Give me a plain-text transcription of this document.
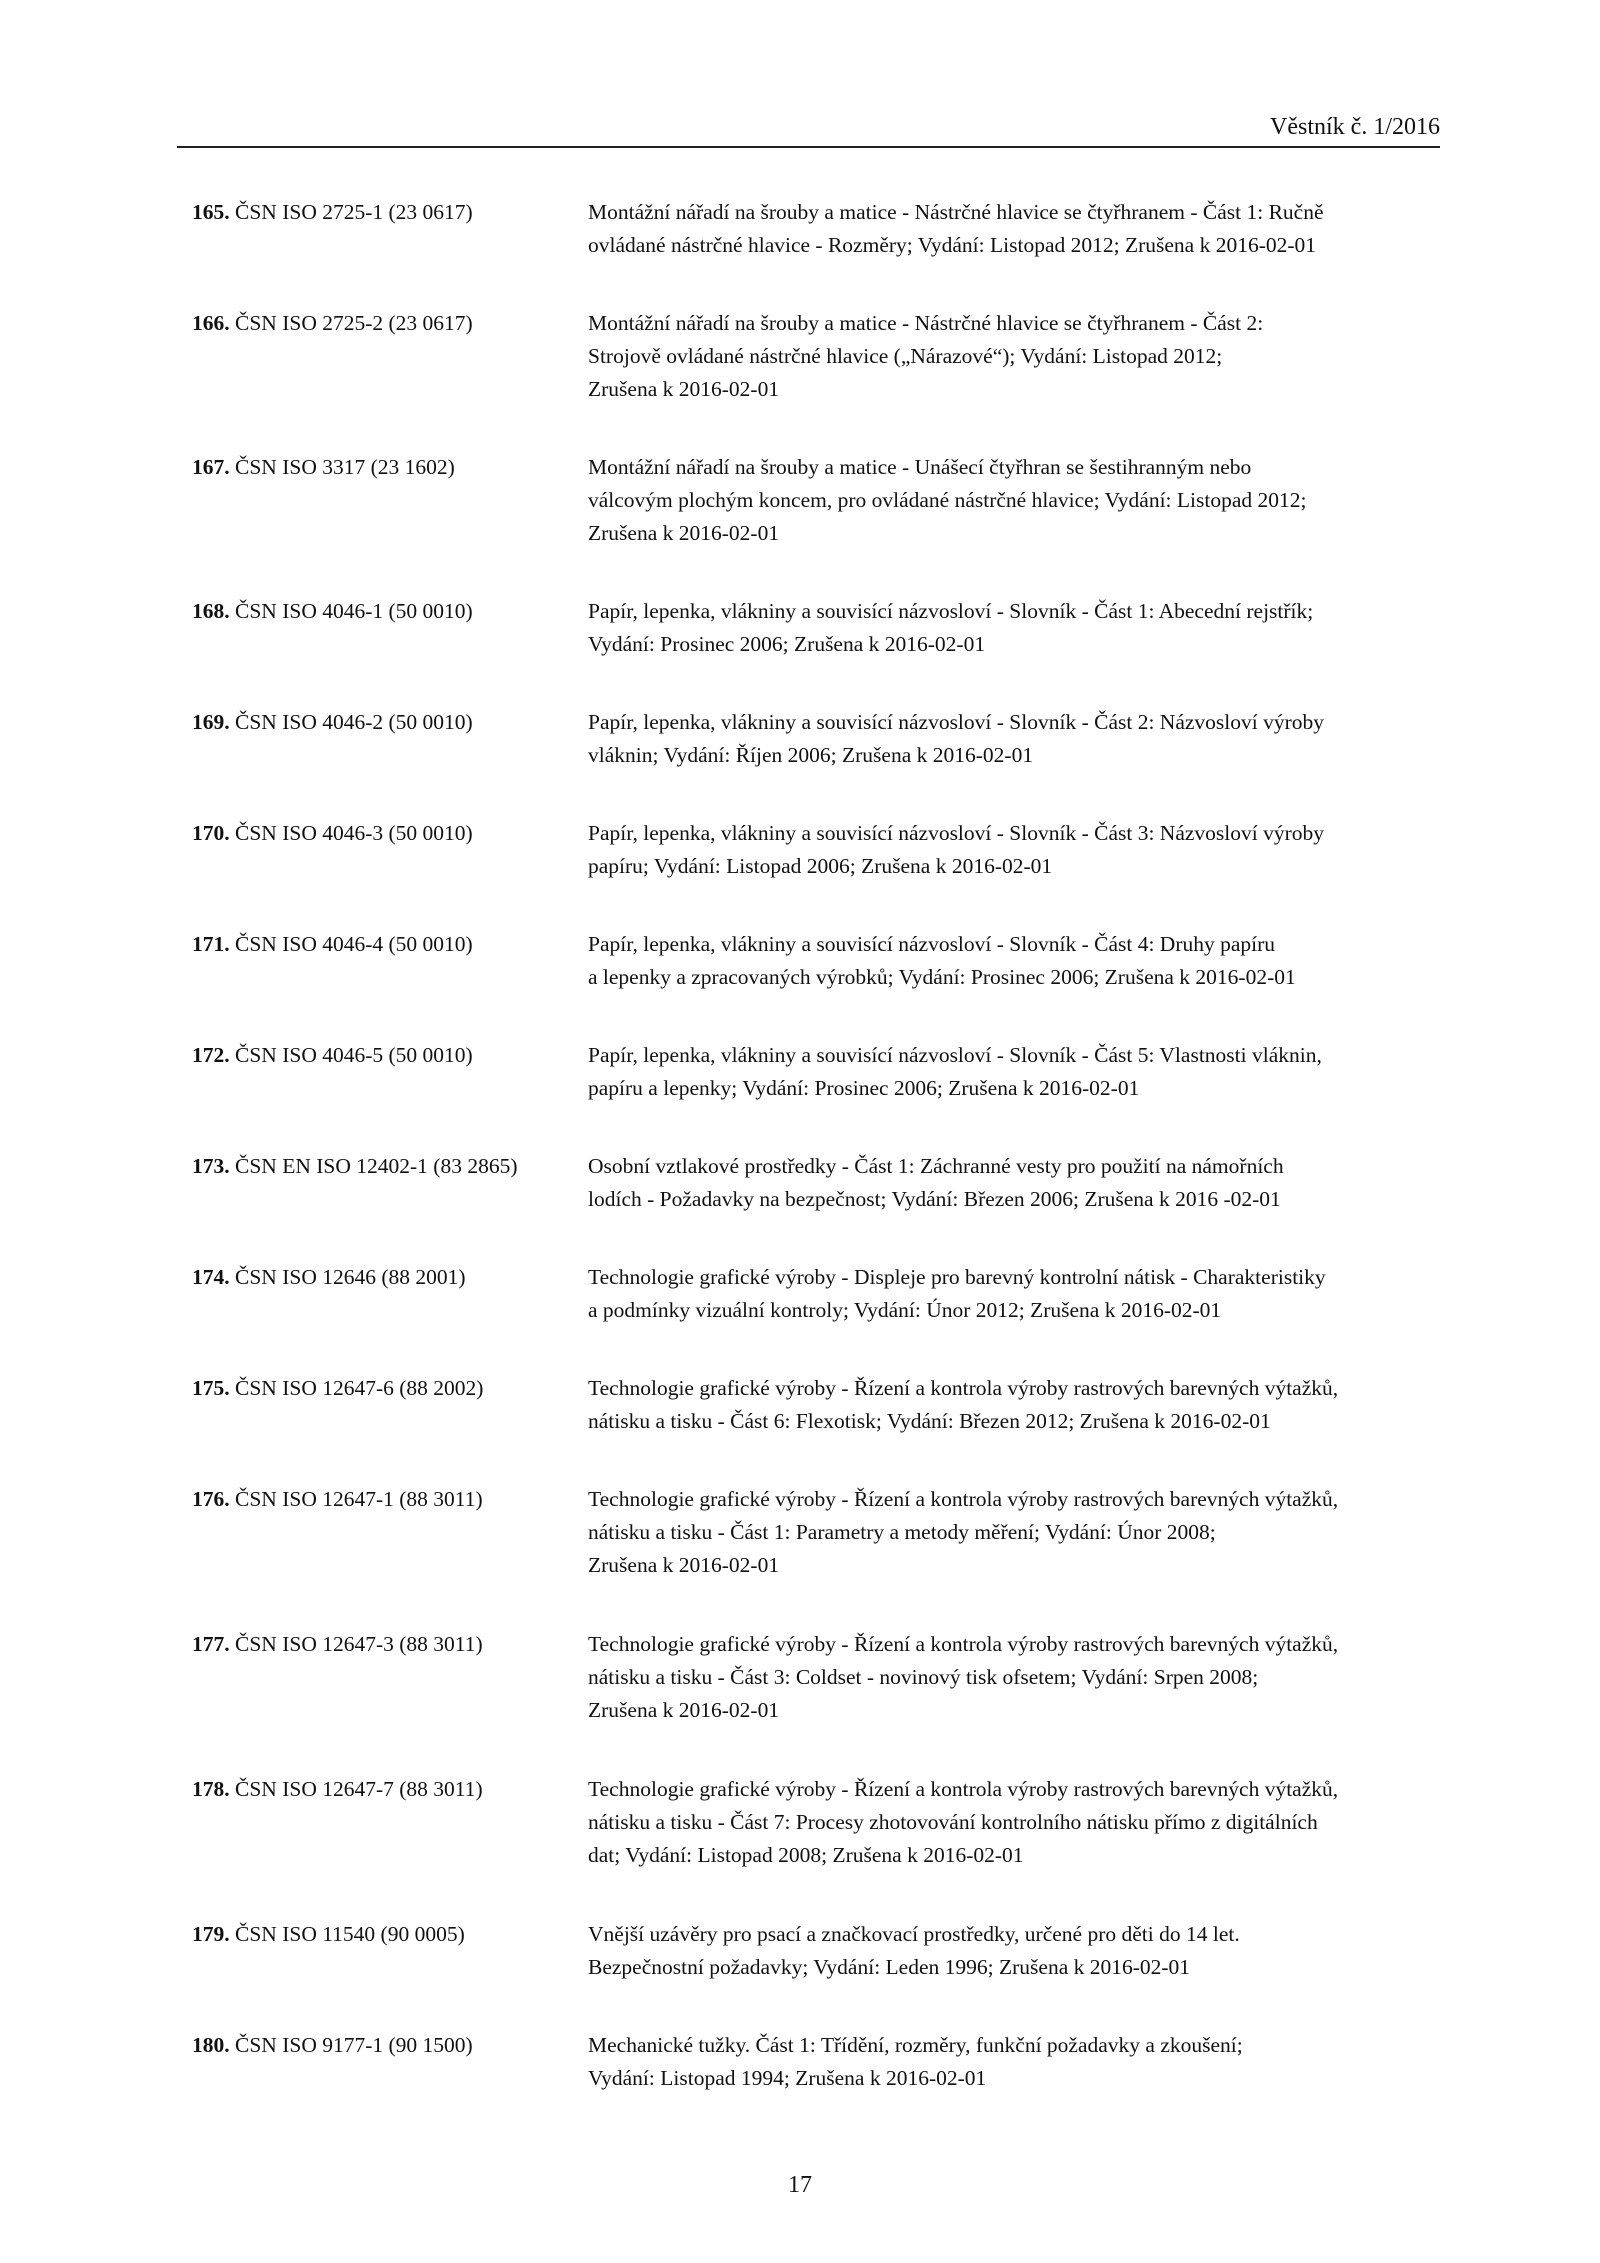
Věstník č. 1/2016
165. ČSN ISO 2725-1 (23 0617)	Montážní nářadí na šrouby a matice - Nástrčné hlavice se čtyřhranem - Část 1: Ručně
ovládané nástrčné hlavice - Rozměry; Vydání: Listopad 2012; Zrušena k 2016-02-01
166. ČSN ISO 2725-2 (23 0617)	Montážní nářadí na šrouby a matice - Nástrčné hlavice se čtyřhranem - Část 2:
Strojově ovládané nástrčné hlavice („Nárazové“); Vydání: Listopad 2012;
Zrušena k 2016-02-01
167. ČSN ISO 3317 (23 1602)	Montážní nářadí na šrouby a matice - Unášecí čtyřhran se šestihranným nebo
válcovým plochým koncem, pro ovládané nástrčné hlavice; Vydání: Listopad 2012;
Zrušena k 2016-02-01
168. ČSN ISO 4046-1 (50 0010)	Papír, lepenka, vlákniny a souvisící názvosloví - Slovník - Část 1: Abecední rejstřík;
Vydání: Prosinec 2006; Zrušena k 2016-02-01
169. ČSN ISO 4046-2 (50 0010)	Papír, lepenka, vlákniny a souvisící názvosloví - Slovník - Část 2: Názvosloví výroby
vláknin; Vydání: Říjen 2006; Zrušena k 2016-02-01
170. ČSN ISO 4046-3 (50 0010)	Papír, lepenka, vlákniny a souvisící názvosloví - Slovník - Část 3: Názvosloví výroby
papíru; Vydání: Listopad 2006; Zrušena k 2016-02-01
171. ČSN ISO 4046-4 (50 0010)	Papír, lepenka, vlákniny a souvisící názvosloví - Slovník - Část 4: Druhy papíru
a lepenky a zpracovaných výrobků; Vydání: Prosinec 2006; Zrušena k 2016-02-01
172. ČSN ISO 4046-5 (50 0010)	Papír, lepenka, vlákniny a souvisící názvosloví - Slovník - Část 5: Vlastnosti vláknin,
papíru a lepenky; Vydání: Prosinec 2006; Zrušena k 2016-02-01
173. ČSN EN ISO 12402-1 (83 2865)	Osobní vztlakové prostředky - Část 1: Záchranné vesty pro použití na námořních
lodích - Požadavky na bezpečnost; Vydání: Březen 2006; Zrušena k 2016 -02-01
174. ČSN ISO 12646 (88 2001)	Technologie grafické výroby - Displeje pro barevný kontrolní nátisk - Charakteristiky
a podmínky vizuální kontroly; Vydání: Únor 2012; Zrušena k 2016-02-01
175. ČSN ISO 12647-6 (88 2002)	Technologie grafické výroby - Řízení a kontrola výroby rastrových barevných výtažků,
nátisku a tisku - Část 6: Flexotisk; Vydání: Březen 2012; Zrušena k 2016-02-01
176. ČSN ISO 12647-1 (88 3011)	Technologie grafické výroby - Řízení a kontrola výroby rastrových barevných výtažků,
nátisku a tisku - Část 1: Parametry a metody měření; Vydání: Únor 2008;
Zrušena k 2016-02-01
177. ČSN ISO 12647-3 (88 3011)	Technologie grafické výroby - Řízení a kontrola výroby rastrových barevných výtažků,
nátisku a tisku - Část 3: Coldset - novinový tisk ofsetem; Vydání: Srpen 2008;
Zrušena k 2016-02-01
178. ČSN ISO 12647-7 (88 3011)	Technologie grafické výroby - Řízení a kontrola výroby rastrových barevných výtažků,
nátisku a tisku - Část 7: Procesy zhotovování kontrolního nátisku přímo z digitálních
dat; Vydání: Listopad 2008; Zrušena k 2016-02-01
179. ČSN ISO 11540 (90 0005)	Vnější uzávěry pro psací a značkovací prostředky, určené pro děti do 14 let.
Bezpečnostní požadavky; Vydání: Leden 1996; Zrušena k 2016-02-01
180. ČSN ISO 9177-1 (90 1500)	Mechanické tužky. Část 1: Třídění, rozměry, funkční požadavky a zkoušení;
Vydání: Listopad 1994; Zrušena k 2016-02-01
17
